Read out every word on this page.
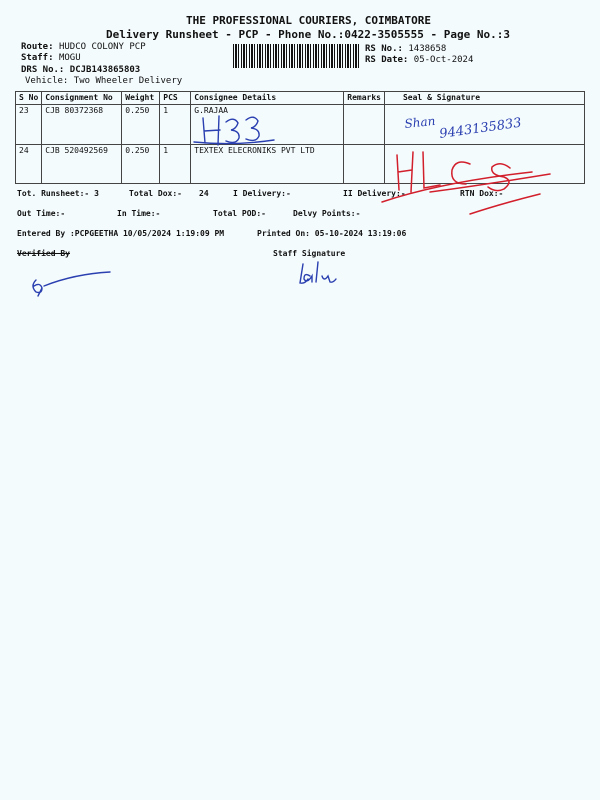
THE PROFESSIONAL COURIERS, COIMBATORE
Delivery Runsheet - PCP - Phone No.:0422-3505555 - Page No.:3
Route: HUDCO COLONY PCP
Staff: MOGU
DRS No.: DCJB143865803
Vehicle: Two Wheeler Delivery
RS No.: 1438658
RS Date: 05-Oct-2024
S No	Consignment No	Weight	PCS	Consignee Details	Remarks	Seal & Signature
23	CJB 80372368	0.250	1	G.RAJAA		
24	CJB 520492569	0.250	1	TEXTEX ELECRONIKS PVT LTD		
Tot. Runsheet:- 3	Total Dox:- 24	I Delivery:-	II Delivery:-	RTN Dox:-
Out Time:-	In Time:-	Total POD:-	Delvy Points:-
Entered By :PCPGEETHA 10/05/2024 1:19:09 PM	Printed On: 05-10-2024 13:19:06
Verified By	Staff Signature
Shan 9443135833
